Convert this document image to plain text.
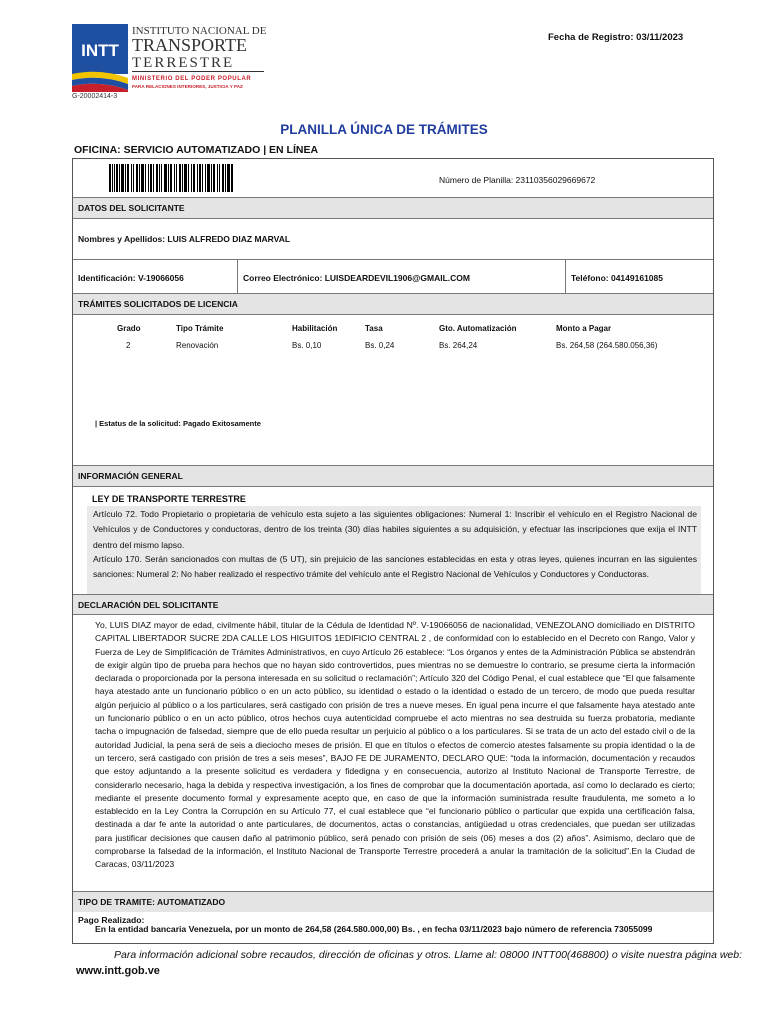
INTT
INSTITUTO NACIONAL DE
TRANSPORTE
TERRESTRE
MINISTERIO DEL PODER POPULAR
PARA RELACIONES INTERIORES, JUSTICIA Y PAZ
G-20002414-3
Fecha de Registro: 03/11/2023
PLANILLA ÚNICA DE TRÁMITES
OFICINA: SERVICIO AUTOMATIZADO | EN LÍNEA
Número de Planilla: 23110356029669672
DATOS DEL SOLICITANTE
Nombres y Apellidos: LUIS ALFREDO DIAZ MARVAL
Identificación: V-19066056	Correo Electrónico: LUISDEARDEVIL1906@GMAIL.COM	Teléfono: 04149161085
TRÁMITES SOLICITADOS DE LICENCIA
Grado	Tipo Trámite	Habilitación	Tasa	Gto. Automatización	Monto a Pagar
2	Renovación	Bs. 0,10	Bs. 0,24	Bs. 264,24	Bs. 264,58 (264.580.056,36)
| Estatus de la solicitud: Pagado Exitosamente
INFORMACIÓN GENERAL
LEY DE TRANSPORTE TERRESTRE
Artículo 72. Todo Propietario o propietaria de vehículo esta sujeto a las siguientes obligaciones: Numeral 1: Inscribir el vehículo en el Registro Nacional de Vehículos y de Conductores y conductoras, dentro de los treinta (30) días habiles siguientes a su adquisición, y efectuar las inscripciones que exija el INTT dentro del mismo lapso.
Artículo 170. Serán sancionados con multas de (5 UT), sin prejuicio de las sanciones establecidas en esta y otras leyes, quienes incurran en las siguientes sanciones: Numeral 2: No haber realizado el respectivo trámite del vehículo ante el Registro Nacional de Vehículos y Conductores y Conductoras.
DECLARACIÓN DEL SOLICITANTE
Yo, LUIS DIAZ mayor de edad, civilmente hábil, titular de la Cédula de Identidad Nº. V-19066056 de nacionalidad, VENEZOLANO domiciliado en DISTRITO CAPITAL LIBERTADOR SUCRE 2DA CALLE LOS HIGUITOS 1EDIFICIO CENTRAL 2 , de conformidad con lo establecido en el Decreto con Rango, Valor y Fuerza de Ley de Simplificación de Trámites Administrativos, en cuyo Artículo 26 establece: “Los órganos y entes de la Administración Pública se abstendrán de exigir algún tipo de prueba para hechos que no hayan sido controvertidos, pues mientras no se demuestre lo contrario, se presume cierta la información declarada o proporcionada por la persona interesada en su solicitud o reclamación”; Artículo 320 del Código Penal, el cual establece que “El que falsamente haya atestado ante un funcionario público o en un acto público, su identidad o estado o la identidad o estado de un tercero, de modo que pueda resultar algún perjuicio al público o a los particulares, será castigado con prisión de tres a nueve meses. En igual pena incurre el que falsamente haya atestado ante un funcionario público o en un acto público, otros hechos cuya autenticidad compruebe el acto mientras no sea destruida su fuerza probatoria, mediante tacha o impugnación de falsedad, siempre que de ello pueda resultar un perjuicio al público o a los particulares. Si se trata de un acto del estado civil o de la autoridad Judicial, la pena será de seis a dieciocho meses de prisión. El que en títulos o efectos de comercio atestes falsamente su propia identidad o la de un tercero, será castigado con prisión de tres a seis meses”, BAJO FE DE JURAMENTO, DECLARO QUE: “toda la información, documentación y recaudos que estoy adjuntando a la presente solicitud es verdadera y fidedigna y en consecuencia, autorizo al Instituto Nacional de Transporte Terrestre, de considerarlo necesario, haga la debida y respectiva investigación, a los fines de comprobar que la documentación aportada, así como lo declarado es cierto; mediante el presente documento formal y expresamente acepto que, en caso de que la información suministrada resulte fraudulenta, me someto a lo establecido en la Ley Contra la Corrupción en su Artículo 77, el cual establece que “el funcionario público o particular que expida una certificación falsa, destinada a dar fe ante la autoridad o ante particulares, de documentos, actas o constancias, antigüedad u otras credenciales, que puedan ser utilizadas para justificar decisiones que causen daño al patrimonio público, será penado con prisión de seis (06) meses a dos (2) años”. Asimismo, declaro que de comprobarse la falsedad de la información, el Instituto Nacional de Transporte Terrestre procederá a anular la tramitación de la solicitud”.En la Ciudad de Caracas, 03/11/2023
TIPO DE TRAMITE: AUTOMATIZADO
Pago Realizado:
En la entidad bancaria Venezuela, por un monto de 264,58 (264.580.000,00) Bs. , en fecha 03/11/2023 bajo número de referencia 73055099
Para información adicional sobre recaudos, dirección de oficinas y otros. Llame al: 08000 INTT00(468800) o visite nuestra página web:
www.intt.gob.ve
